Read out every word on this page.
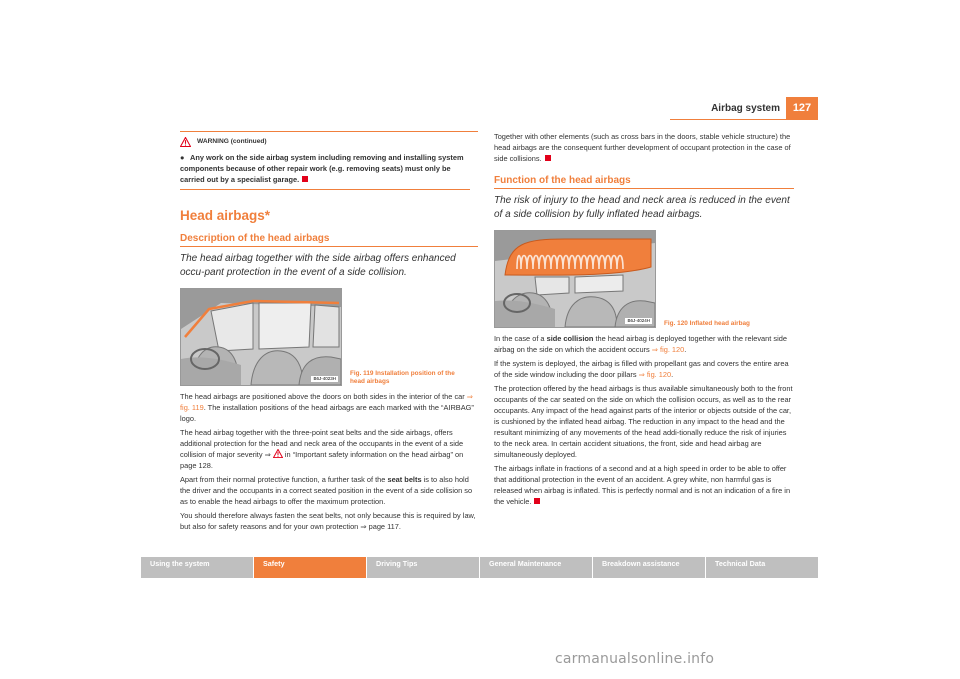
Airbag system	127
WARNING (continued)
● Any work on the side airbag system including removing and installing system components because of other repair work (e.g. removing seats) must only be carried out by a specialist garage.
Head airbags*
Description of the head airbags
The head airbag together with the side airbag offers enhanced occu-pant protection in the event of a side collision.
B6J-4023H
Fig. 119 Installation position of the head airbags

The head airbags are positioned above the doors on both sides in the interior of the car ⇒ fig. 119. The installation positions of the head airbags are each marked with the “AIRBAG” logo.

The head airbag together with the three-point seat belts and the side airbags, offers additional protection for the head and neck area of the occupants in the event of a side collision of major severity ⇒  in “Important safety information on the head airbag” on page 128.

Apart from their normal protective function, a further task of the seat belts is to also hold the driver and the occupants in a correct seated position in the event of a side collision so as to enable the head airbags to offer the maximum protection.

You should therefore always fasten the seat belts, not only because this is required by law, but also for safety reasons and for your own protection ⇒ page 117.

Together with other elements (such as cross bars in the doors, stable vehicle structure) the head airbags are the consequent further development of occupant protection in the case of side collisions.

Function of the head airbags
The risk of injury to the head and neck area is reduced in the event of a side collision by fully inflated head airbags.
B6J-4024H	Fig. 120 Inflated head airbag

In the case of a side collision the head airbag is deployed together with the relevant side airbag on the side on which the accident occurs ⇒ fig. 120.

If the system is deployed, the airbag is filled with propellant gas and covers the entire area of the side window including the door pillars ⇒ fig. 120.

The protection offered by the head airbags is thus available simultaneously both to the front occupants of the car seated on the side on which the collision occurs, as well as to the rear occupants. Any impact of the head against parts of the interior or objects outside of the car, is cushioned by the inflated head airbag. The reduction in any impact to the head and the resultant minimizing of any movements of the head addi-tionally reduce the risk of injuries to the neck area. In certain accident situations, the front, side and head airbag are simultaneously deployed.

The airbags inflate in fractions of a second and at a high speed in order to be able to offer that additional protection in the event of an accident. A grey white, non harmful gas is released when airbag is inflated. This is perfectly normal and is not an indication of a fire in the vehicle.

Using the system	Safety	Driving Tips	General Maintenance	Breakdown assistance	Technical Data
carmanualsonline.info
